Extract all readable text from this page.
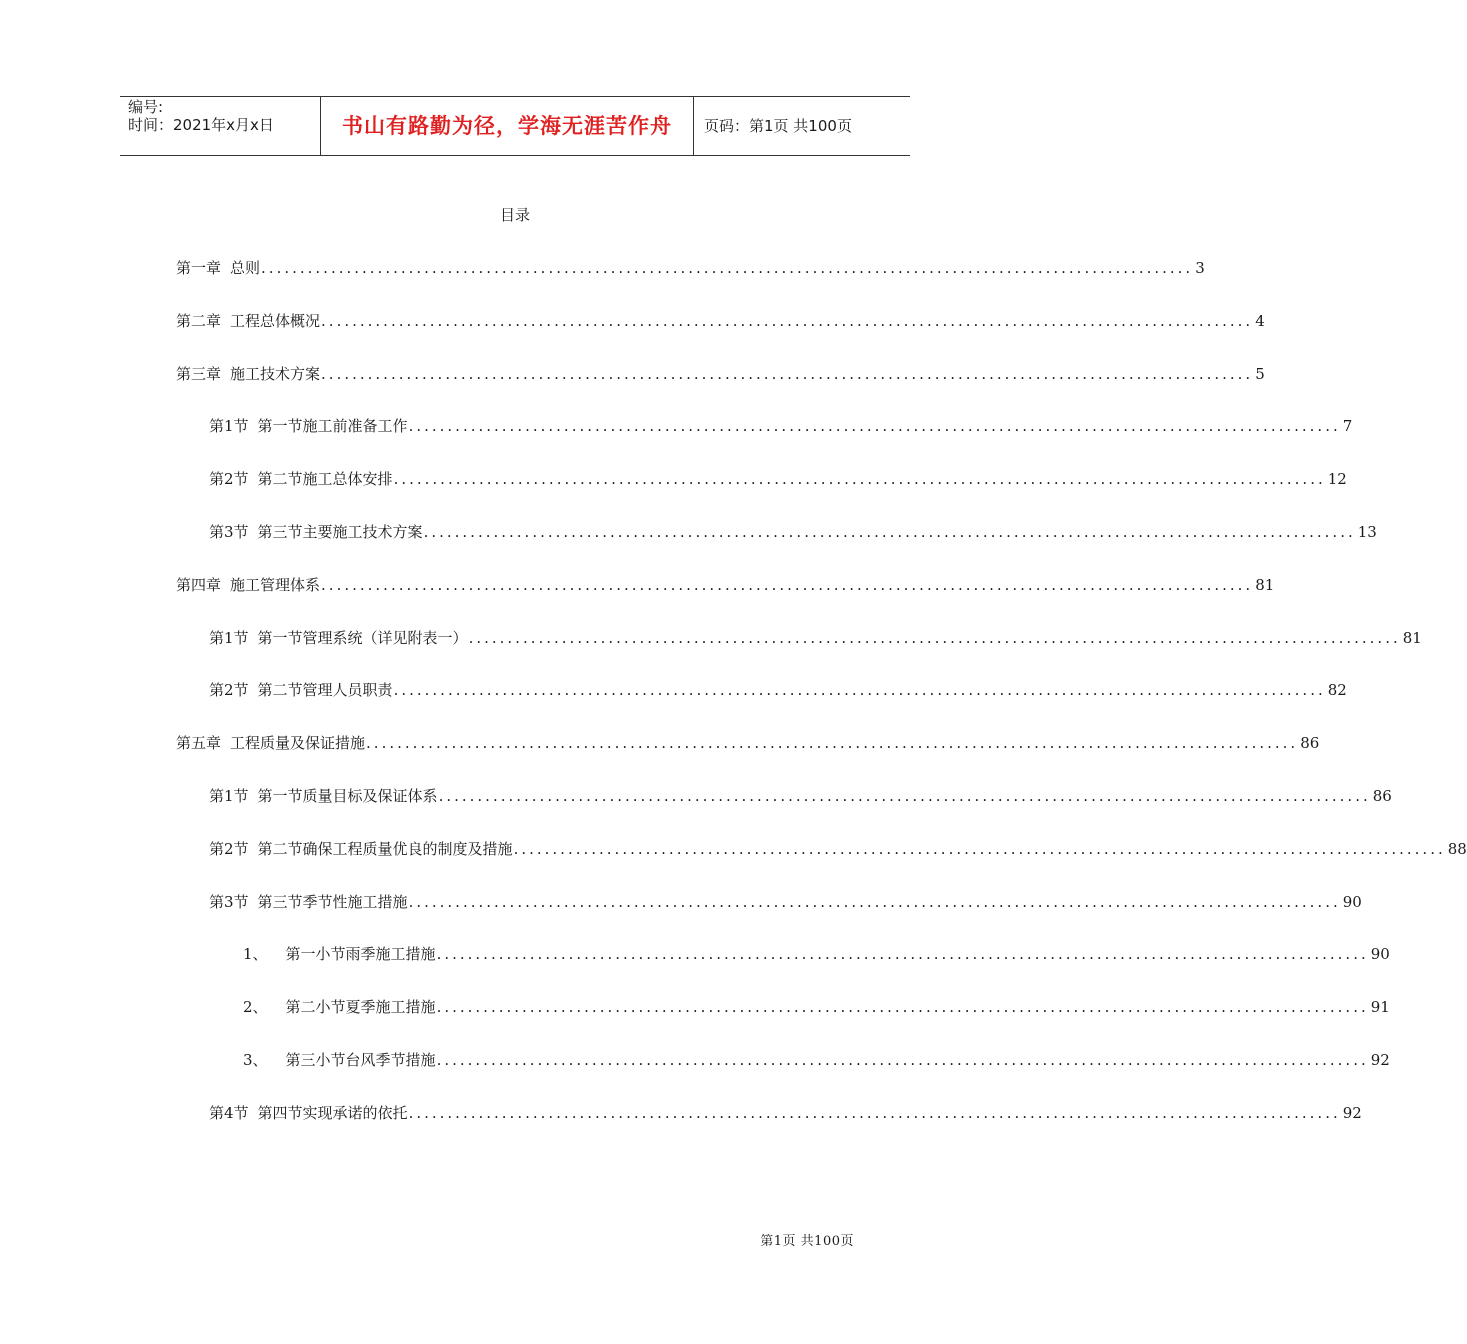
编号:
时间：2021年x月x日	书山有路勤为径，学海无涯苦作舟	页码：第1页 共100页
目录
第一章 总则 ........................................................................................................................ 3
第二章 工程总体概况 ........................................................................................................................ 4
第三章 施工技术方案 ........................................................................................................................ 5
第1节 第一节施工前准备工作 ........................................................................................................................ 7
第2节 第二节施工总体安排 ........................................................................................................................ 12
第3节 第三节主要施工技术方案 ........................................................................................................................ 13
第四章 施工管理体系 ........................................................................................................................ 81
第1节 第一节管理系统（详见附表一） ........................................................................................................................ 81
第2节 第二节管理人员职责 ........................................................................................................................ 82
第五章 工程质量及保证措施 ........................................................................................................................ 86
第1节 第一节质量目标及保证体系 ........................................................................................................................ 86
第2节 第二节确保工程质量优良的制度及措施 ........................................................................................................................ 88
第3节 第三节季节性施工措施 ........................................................................................................................ 90
1、 第一小节雨季施工措施 ........................................................................................................................ 90
2、 第二小节夏季施工措施 ........................................................................................................................ 91
3、 第三小节台风季节措施 ........................................................................................................................ 92
第4节 第四节实现承诺的依托 ........................................................................................................................ 92
第1页 共100页
